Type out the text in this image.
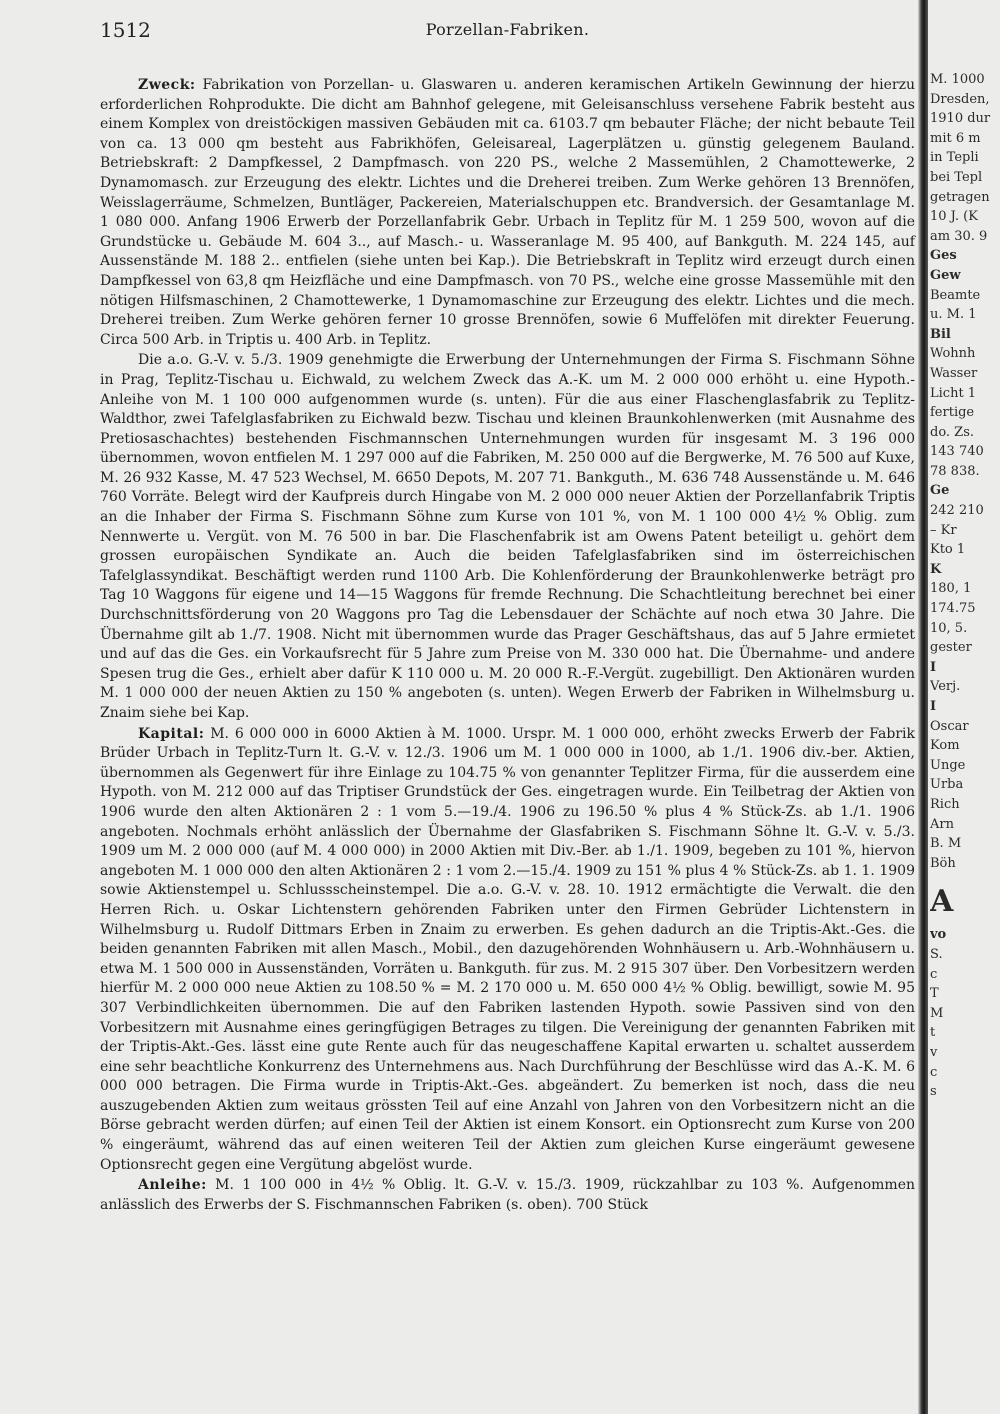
1512	Porzellan-Fabriken.

Zweck: Fabrikation von Porzellan- u. Glaswaren u. anderen keramischen Artikeln Gewinnung der hierzu erforderlichen Rohprodukte. Die dicht am Bahnhof gelegene, mit Geleisanschluss versehene Fabrik besteht aus einem Komplex von dreistöckigen massiven Gebäuden mit ca. 6103.7 qm bebauter Fläche; der nicht bebaute Teil von ca. 13 000 qm besteht aus Fabrikhöfen, Geleisareal, Lagerplätzen u. günstig gelegenem Bauland. Betriebskraft: 2 Dampfkessel, 2 Dampfmasch. von 220 PS., welche 2 Massemühlen, 2 Chamottewerke, 2 Dynamomasch. zur Erzeugung des elektr. Lichtes und die Dreherei treiben. Zum Werke gehören 13 Brennöfen, Weisslagerräume, Schmelzen, Buntläger, Packereien, Materialschuppen etc. Brandversich. der Gesamtanlage M. 1 080 000. Anfang 1906 Erwerb der Porzellanfabrik Gebr. Urbach in Teplitz für M. 1 259 500, wovon auf die Grundstücke u. Gebäude M. 604 3.., auf Masch.- u. Wasseranlage M. 95 400, auf Bankguth. M. 224 145, auf Aussenstände M. 188 2.. entfielen (siehe unten bei Kap.). Die Betriebskraft in Teplitz wird erzeugt durch einen Dampfkessel von 63,8 qm Heizfläche und eine Dampfmasch. von 70 PS., welche eine grosse Massemühle mit den nötigen Hilfsmaschinen, 2 Chamottewerke, 1 Dynamomaschine zur Erzeugung des elektr. Lichtes und die mech. Dreherei treiben. Zum Werke gehören ferner 10 grosse Brennöfen, sowie 6 Muffelöfen mit direkter Feuerung. Circa 500 Arb. in Triptis u. 400 Arb. in Teplitz.

Die a.o. G.-V. v. 5./3. 1909 genehmigte die Erwerbung der Unternehmungen der Firma S. Fischmann Söhne in Prag, Teplitz-Tischau u. Eichwald, zu welchem Zweck das A.-K. um M. 2 000 000 erhöht u. eine Hypoth.-Anleihe von M. 1 100 000 aufgenommen wurde (s. unten). Für die aus einer Flaschenglasfabrik zu Teplitz-Waldthor, zwei Tafelglasfabriken zu Eichwald bezw. Tischau und kleinen Braunkohlenwerken (mit Ausnahme des Pretiosaschachtes) bestehenden Fischmannschen Unternehmungen wurden für insgesamt M. 3 196 000 übernommen, wovon entfielen M. 1 297 000 auf die Fabriken, M. 250 000 auf die Bergwerke, M. 76 500 auf Kuxe, M. 26 932 Kasse, M. 47 523 Wechsel, M. 6650 Depots, M. 207 71. Bankguth., M. 636 748 Aussenstände u. M. 646 760 Vorräte. Belegt wird der Kaufpreis durch Hingabe von M. 2 000 000 neuer Aktien der Porzellanfabrik Triptis an die Inhaber der Firma S. Fischmann Söhne zum Kurse von 101 %, von M. 1 100 000 4½ % Oblig. zum Nennwerte u. Vergüt. von M. 76 500 in bar. Die Flaschenfabrik ist am Owens Patent beteiligt u. gehört dem grossen europäischen Syndikate an. Auch die beiden Tafelglasfabriken sind im österreichischen Tafelglassyndikat. Beschäftigt werden rund 1100 Arb. Die Kohlenförderung der Braunkohlenwerke beträgt pro Tag 10 Waggons für eigene und 14—15 Waggons für fremde Rechnung. Die Schachtleitung berechnet bei einer Durchschnittsförderung von 20 Waggons pro Tag die Lebensdauer der Schächte auf noch etwa 30 Jahre. Die Übernahme gilt ab 1./7. 1908. Nicht mit übernommen wurde das Prager Geschäftshaus, das auf 5 Jahre ermietet und auf das die Ges. ein Vorkaufsrecht für 5 Jahre zum Preise von M. 330 000 hat. Die Übernahme- und andere Spesen trug die Ges., erhielt aber dafür K 110 000 u. M. 20 000 R.-F.-Vergüt. zugebilligt. Den Aktionären wurden M. 1 000 000 der neuen Aktien zu 150 % angeboten (s. unten). Wegen Erwerb der Fabriken in Wilhelmsburg u. Znaim siehe bei Kap.

Kapital: M. 6 000 000 in 6000 Aktien à M. 1000. Urspr. M. 1 000 000, erhöht zwecks Erwerb der Fabrik Brüder Urbach in Teplitz-Turn lt. G.-V. v. 12./3. 1906 um M. 1 000 000 in 1000, ab 1./1. 1906 div.-ber. Aktien, übernommen als Gegenwert für ihre Einlage zu 104.75 % von genannter Teplitzer Firma, für die ausserdem eine Hypoth. von M. 212 000 auf das Triptiser Grundstück der Ges. eingetragen wurde. Ein Teilbetrag der Aktien von 1906 wurde den alten Aktionären 2 : 1 vom 5.—19./4. 1906 zu 196.50 % plus 4 % Stück-Zs. ab 1./1. 1906 angeboten. Nochmals erhöht anlässlich der Übernahme der Glasfabriken S. Fischmann Söhne lt. G.-V. v. 5./3. 1909 um M. 2 000 000 (auf M. 4 000 000) in 2000 Aktien mit Div.-Ber. ab 1./1. 1909, begeben zu 101 %, hiervon angeboten M. 1 000 000 den alten Aktionären 2 : 1 vom 2.—15./4. 1909 zu 151 % plus 4 % Stück-Zs. ab 1. 1. 1909 sowie Aktienstempel u. Schlussscheinstempel. Die a.o. G.-V. v. 28. 10. 1912 ermächtigte die Verwalt. die den Herren Rich. u. Oskar Lichtenstern gehörenden Fabriken unter den Firmen Gebrüder Lichtenstern in Wilhelmsburg u. Rudolf Dittmars Erben in Znaim zu erwerben. Es gehen dadurch an die Triptis-Akt.-Ges. die beiden genannten Fabriken mit allen Masch., Mobil., den dazugehörenden Wohnhäusern u. Arb.-Wohnhäusern u. etwa M. 1 500 000 in Aussenständen, Vorräten u. Bankguth. für zus. M. 2 915 307 über. Den Vorbesitzern werden hierfür M. 2 000 000 neue Aktien zu 108.50 % = M. 2 170 000 u. M. 650 000 4½ % Oblig. bewilligt, sowie M. 95 307 Verbindlichkeiten übernommen. Die auf den Fabriken lastenden Hypoth. sowie Passiven sind von den Vorbesitzern mit Ausnahme eines geringfügigen Betrages zu tilgen. Die Vereinigung der genannten Fabriken mit der Triptis-Akt.-Ges. lässt eine gute Rente auch für das neugeschaffene Kapital erwarten u. schaltet ausserdem eine sehr beachtliche Konkurrenz des Unternehmens aus. Nach Durchführung der Beschlüsse wird das A.-K. M. 6 000 000 betragen. Die Firma wurde in Triptis-Akt.-Ges. abgeändert. Zu bemerken ist noch, dass die neu auszugebenden Aktien zum weitaus grössten Teil auf eine Anzahl von Jahren von den Vorbesitzern nicht an die Börse gebracht werden dürfen; auf einen Teil der Aktien ist einem Konsort. ein Optionsrecht zum Kurse von 200 % eingeräumt, während das auf einen weiteren Teil der Aktien zum gleichen Kurse eingeräumt gewesene Optionsrecht gegen eine Vergütung abgelöst wurde.

Anleihe: M. 1 100 000 in 4½ % Oblig. lt. G.-V. v. 15./3. 1909, rückzahlbar zu 103 %. Aufgenommen anlässlich des Erwerbs der S. Fischmannschen Fabriken (s. oben). 700 Stück

M. 1000
Dresden,
1910 dur
mit 6 m
in Tepli
bei Tepl
getragen
10 J. (K
am 30. 9
Ges
Gew
Beamte
u. M. 1
Bil
Wohnh
Wasser
Licht 1
fertige
do. Zs.
143 740
78 838.
Ge
242 210
– Kr
Kto 1
K
180, 1
174.75
10, 5.
gester
I
Verj.
I
Oscar
Kom
Unge
Urba
Rich
Arn
B. M
Böh
A
vo
S.
c
T
M
t
v
c
s
